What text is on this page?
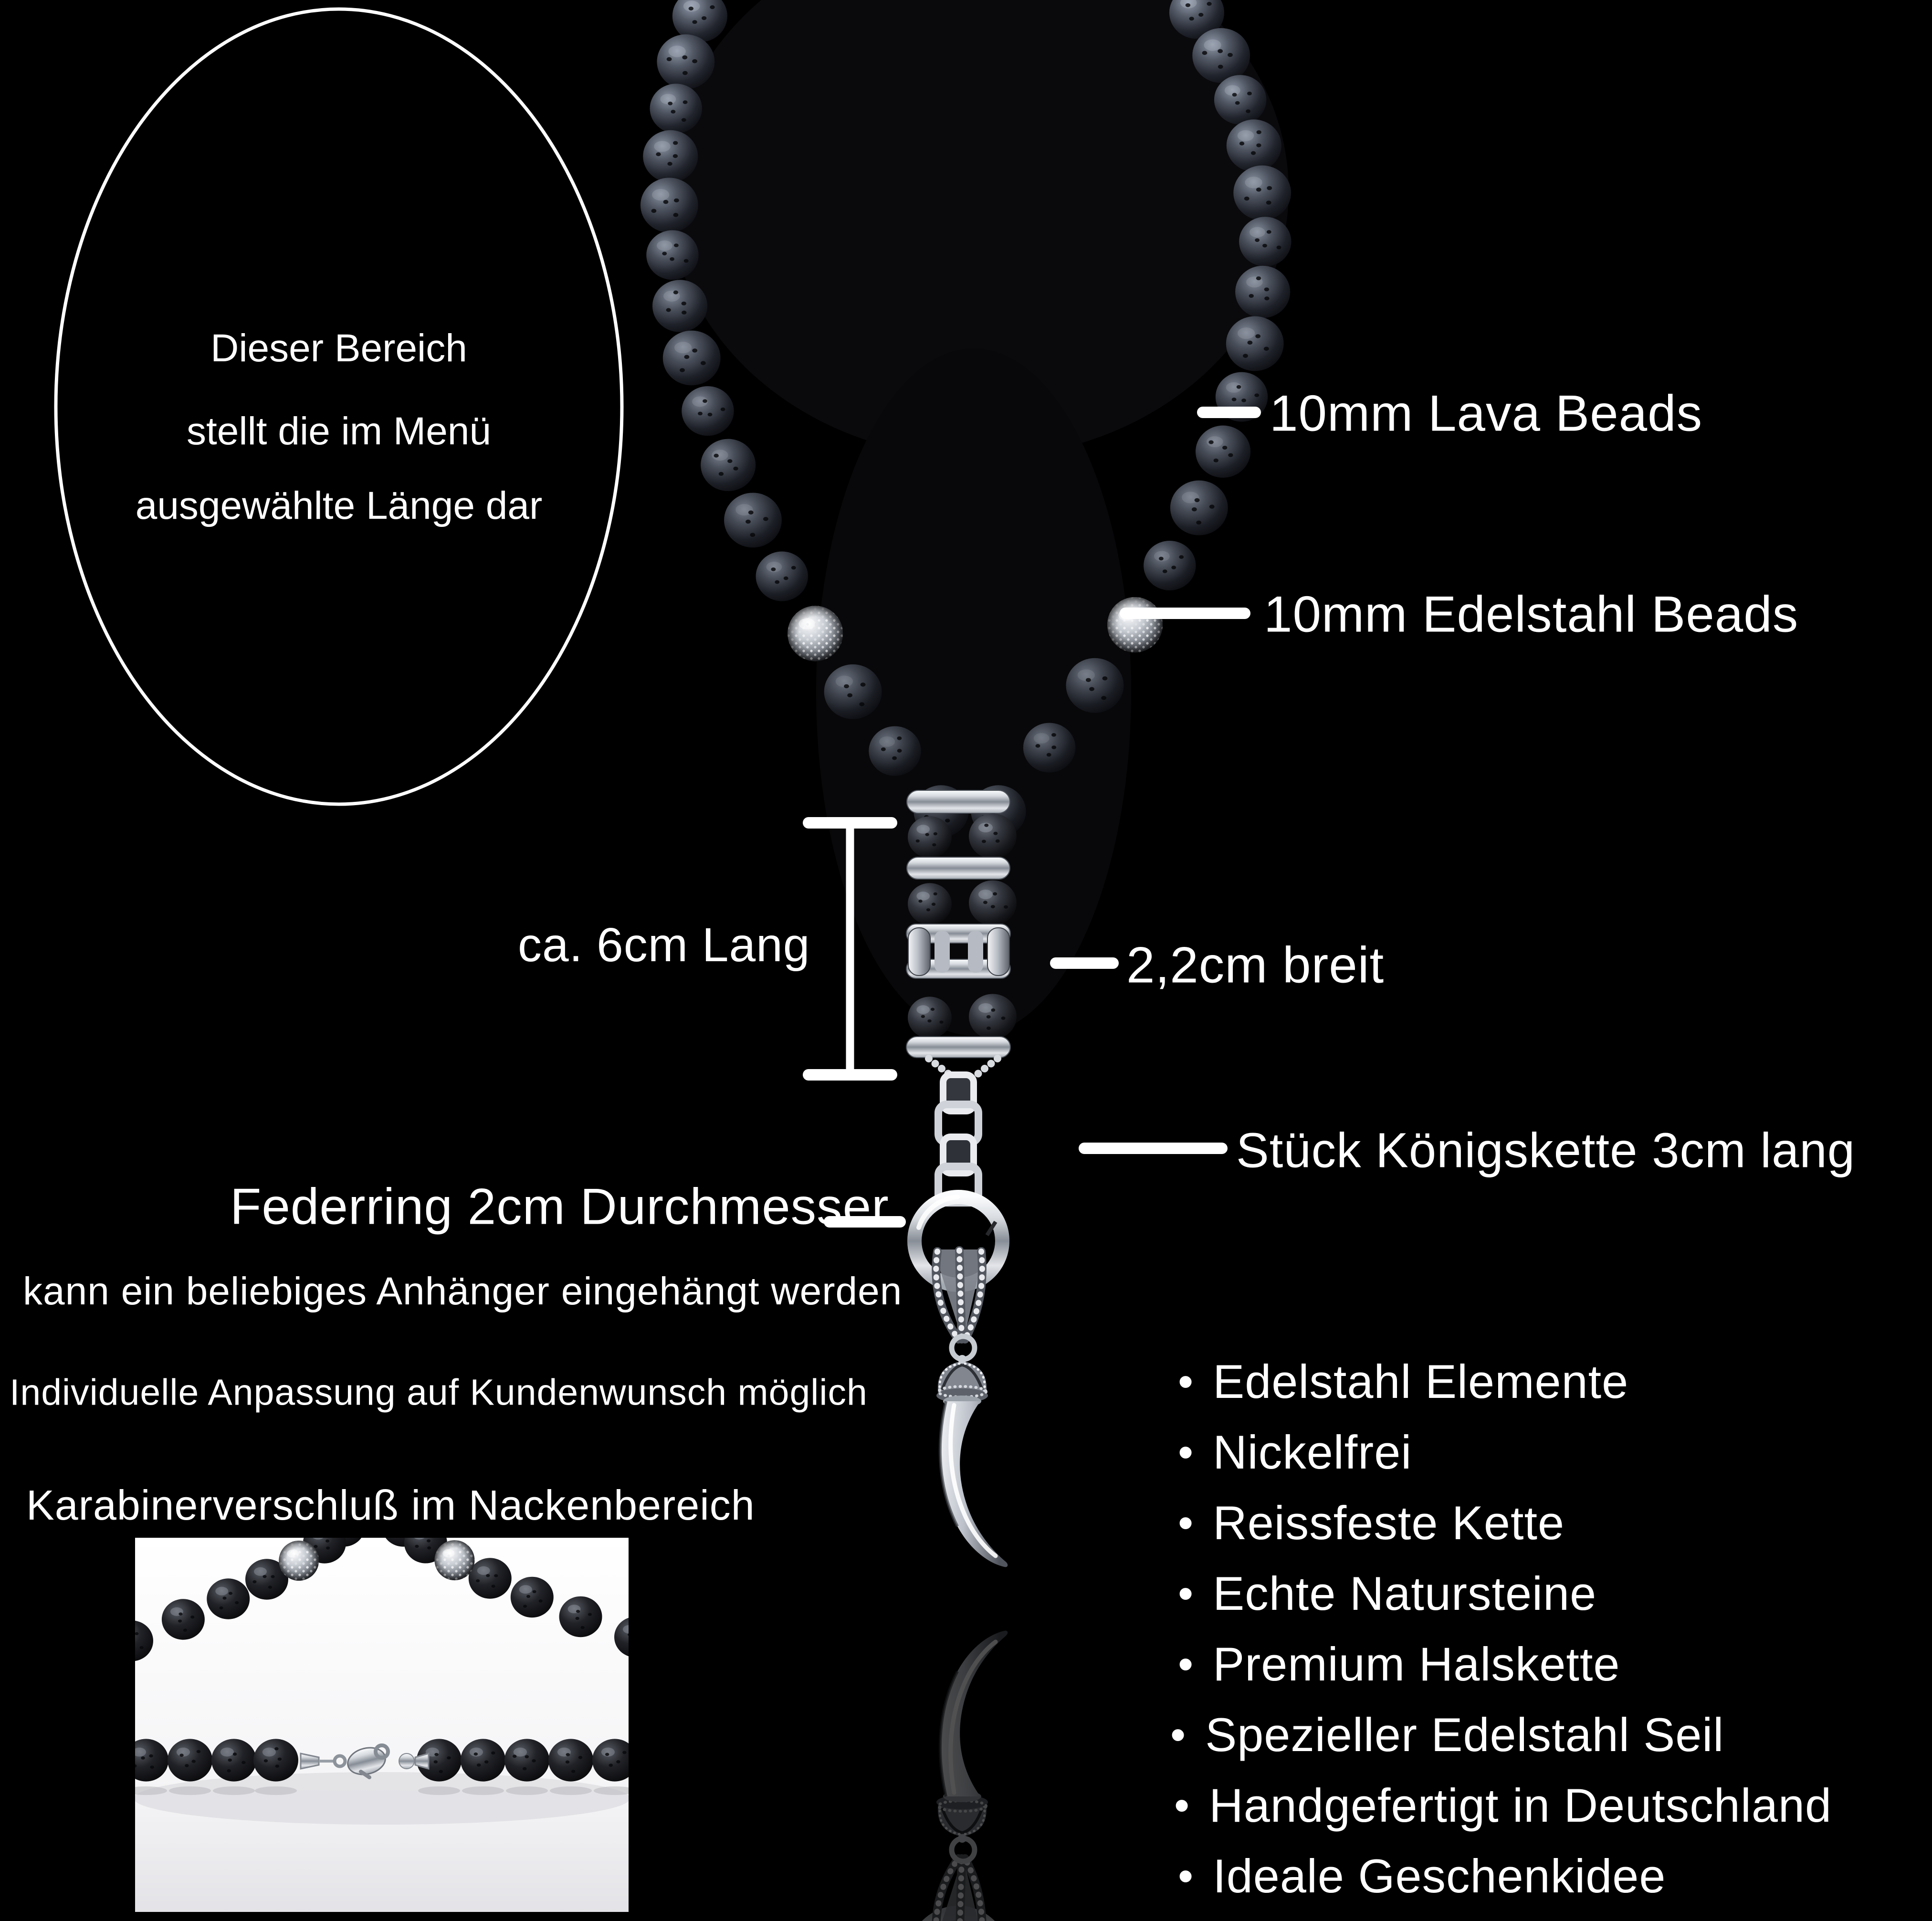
Dieser Bereich
stellt die im Menü
ausgewählte Länge dar
10mm Lava Beads
10mm Edelstahl Beads
ca. 6cm Lang	2,2cm breit
Stück Königskette 3cm lang
Federring 2cm Durchmesser
kann ein beliebiges Anhänger eingehängt werden
Individuelle Anpassung auf Kundenwunsch möglich
Karabinerverschluß im Nackenbereich
• Edelstahl Elemente
• Nickelfrei
• Reissfeste Kette
• Echte Natursteine
• Premium Halskette
• Spezieller Edelstahl Seil
• Handgefertigt in Deutschland
• Ideale Geschenkidee
